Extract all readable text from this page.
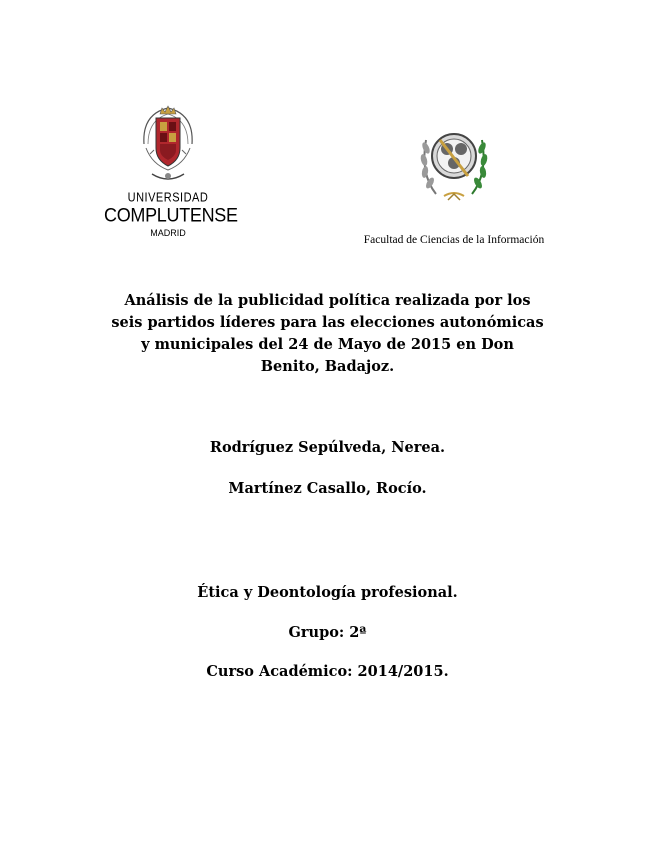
UNIVERSIDAD
COMPLUTENSE
MADRID
Facultad de Ciencias de la Información
Análisis de la publicidad política realizada por los seis partidos líderes para las elecciones autonómicas y municipales del 24 de Mayo de 2015 en Don Benito, Badajoz.
Rodríguez Sepúlveda, Nerea.
Martínez Casallo, Rocío.
Ética y Deontología profesional.
Grupo: 2ª
Curso Académico: 2014/2015.
